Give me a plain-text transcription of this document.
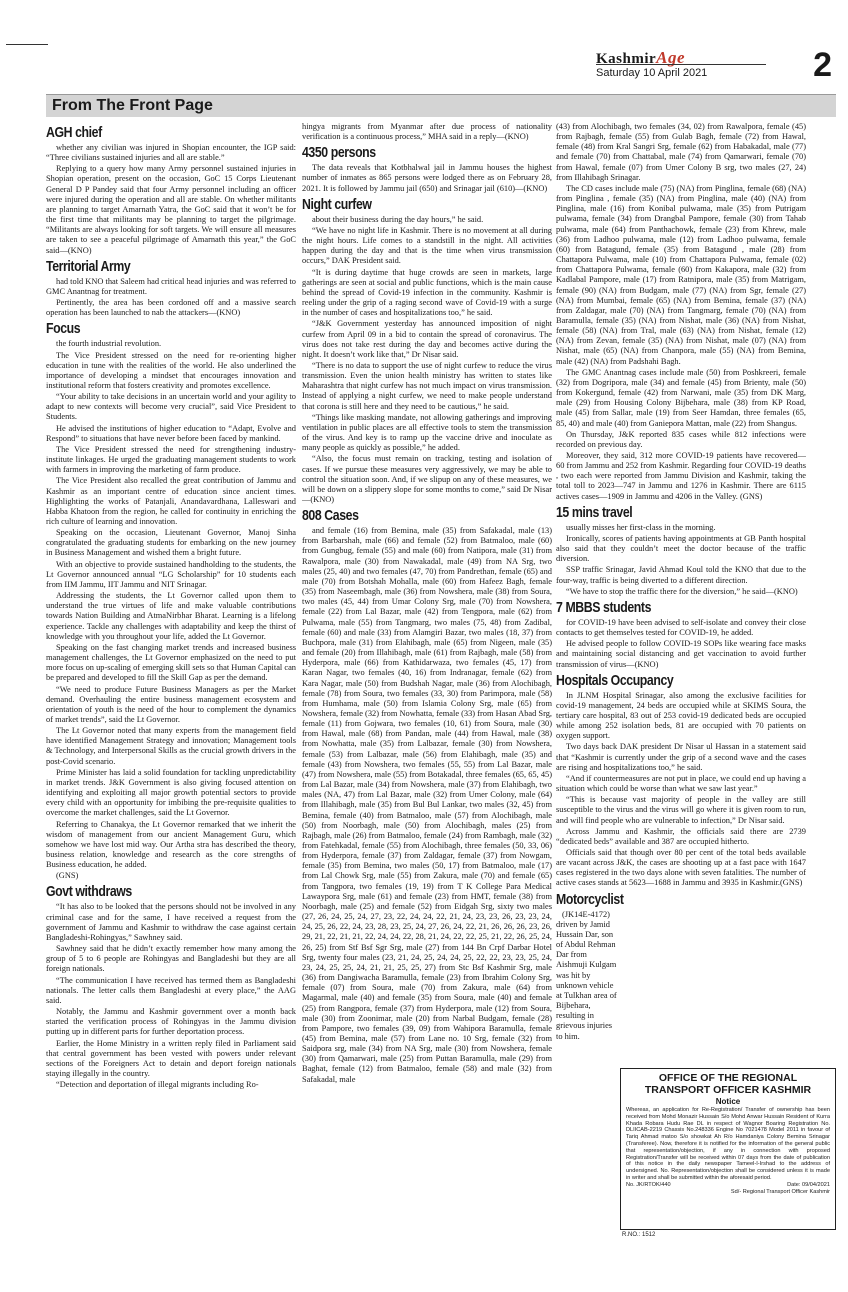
KashmirAge
Saturday 10 April 2021	2
From The Front Page
AGH chief

whether any civilian was injured in Shopian encounter, the IGP said: “Three civilians sustained injuries and all are stable.”

Replying to a query how many Army personnel sustained injuries in Shopian operation, present on the occasion, GoC 15 Corps Lieutenant General D P Pandey said that four Army personnel including an officer were injured during the operation and all are stable. On whether militants are planning to target Amarnath Yatra, the GoC said that it won’t be for the first time that militants may be planning to target the pilgrimage. “Militants are always looking for soft targets. We will ensure all measures are taken to see a peaceful pilgrimage of Amarnath this year,” the GoC said—(KNO)

Territorial Army

had told KNO that Saleem had critical head injuries and was referred to GMC Anantnag for treatment.

Pertinently, the area has been cordoned off and a massive search operation has been launched to nab the attackers—(KNO)

Focus

the fourth industrial revolution.

The Vice President stressed on the need for re-orienting higher education in tune with the realities of the world. He also underlined the importance of developing a mindset that encourages innovation and institutional reform that fosters creativity and promotes excellence.

“Your ability to take decisions in an uncertain world and your agility to adapt to new contexts will become very crucial”, said Vice President to Students.

He advised the institutions of higher education to “Adapt, Evolve and Respond” to situations that have never before been faced by mankind.

The Vice President stressed the need for strengthening industry-institute linkages. He urged the graduating management students to work with farmers in improving the marketing of farm produce.

The Vice President also recalled the great contribution of Jammu and Kashmir as an important centre of education since ancient times. Highlighting the works of Patanjali, Anandavardhana, Lalleswari and Habba Khatoon from the region, he called for continuity in enriching the rich culture of learning and innovation.

Speaking on the occasion, Lieutenant Governor, Manoj Sinha congratulated the graduating students for embarking on the new journey in Business Management and wished them a bright future.

With an objective to provide sustained handholding to the students, the Lt Governor announced annual “LG Scholarship” for 10 students each from IIM Jammu, IIT Jammu and NIT Srinagar.

Addressing the students, the Lt Governor called upon them to understand the true virtues of life and make valuable contributions towards Nation Building and AtmaNirbhar Bharat. Learning is a lifelong experience. Tackle any challenges with adaptability and keep the thirst of knowledge with you throughout your life, added the Lt Governor.

Speaking on the fast changing market trends and increased business management challenges, the Lt Governor emphasized on the need to put more focus on up-scaling of emerging skill sets so that Human Capital can be prepared and developed to fill the Skill Gap as per the demand.

“We need to produce Future Business Managers as per the Market demand. Overhauling the entire business management ecosystem and orientation of youth is the need of the hour to complement the dynamics of market trends”, said the Lt Governor.

The Lt Governor noted that many experts from the management field have identified Management Strategy and innovation; Management tools & Technology, and Interpersonal Skills as the crucial growth drivers in the post-Covid scenario.

Prime Minister has laid a solid foundation for tackling unpredictability in market trends. J&K Government is also giving focused attention on identifying and exploiting all major growth potential sectors to provide every child with an opportunity for imbibing the pre-requisite qualities to overcome the market challenges, said the Lt Governor.

Referring to Chanakya, the Lt Governor remarked that we inherit the wisdom of management from our ancient Management Guru, which somehow we have lost mid way. Our Artha stra has described the theory, business relation, knowledge and research as the core strengths of Business education, he added.

(GNS)

Govt withdraws

“It has also to be looked that the persons should not be involved in any criminal case and for the same, I have received a request from the government of Jammu and Kashmir to withdraw the case against certain Bangladeshi-Rohingyas,” Sawhney said.

Sawhney said that he didn’t exactly remember how many among the group of 5 to 6 people are Rohingyas and Bangladeshi but they are all foreign nationals.

“The communication I have received has termed them as Bangladeshi nationals. The letter calls them Bangladeshi at every place,” the AAG said.

Notably, the Jammu and Kashmir government over a month back started the verification process of Rohingyas in the Jammu division putting up in different parts for further deportation process.

Earlier, the Home Ministry in a written reply filed in Parliament said that central government has been vested with powers under relevant sections of the Foreigners Act to detain and deport foreign nationals staying illegally in the country.

“Detection and deportation of illegal migrants including Ro-

hingya migrants from Myanmar after due process of nationality verification is a continuous process,” MHA said in a reply—(KNO)

4350 persons

The data reveals that Kotbhalwal jail in Jammu houses the highest number of inmates as 865 persons were lodged there as on February 28, 2021. It is followed by Jammu jail (650) and Srinagar jail (610)—(KNO)

Night curfew

about their business during the day hours,” he said.

“We have no night life in Kashmir. There is no movement at all during the night hours. Life comes to a standstill in the night. All activities happen during the day and that is the time when virus transmission occurs,” DAK President said.

“It is during daytime that huge crowds are seen in markets, large gatherings are seen at social and public functions, which is the main cause behind the spread of Covid-19 infection in the community. Kashmir is reeling under the grip of a raging second wave of Covid-19 with a surge in the number of cases and hospitalizations too,” he said.

“J&K Government yesterday has announced imposition of night curfew from April 09 in a bid to contain the spread of coronavirus. The virus does not take rest during the day and becomes active during the night. It doesn’t work like that,” Dr Nisar said.

“There is no data to support the use of night curfew to reduce the virus transmission. Even the union health ministry has written to states like Maharashtra that night curfew has not much impact on virus transmission. Instead of applying a night curfew, we need to make people understand that corona is still here and they need to be cautious,” he said.

“Things like masking mandate, not allowing gatherings and improving ventilation in public places are all effective tools to stem the transmission of the virus. And key is to ramp up the vaccine drive and inoculate as many people as quickly as possible,” he added.

“Also, the focus must remain on tracking, testing and isolation of cases. If we pursue these measures very aggressively, we may be able to control the situation soon. And, if we slipup on any of these measures, we will be down on a slippery slope for some months to come,” said Dr Nisar—(KNO)

808 Cases

and female (16) from Bemina, male (35) from Safakadal, male (13) from Barbarshah, male (66) and female (52) from Batmaloo, male (60) from Gungbug, female (55) and male (60) from Natipora, male (31) from Rawalpora, male (30) from Nawakadal, male (49) from NA Srg, two males (25, 40) and two females (47, 70) from Pandrethan, female (65) and male (70) from Botshah Mohalla, male (60) from Hafeez Bagh, female (35) from Naseembagh, male (36) from Nowshera, male (38) from Soura, two males (45, 44) from Umar Colony Srg, male (70) from Nowshera, female (22) from Lal Bazar, male (42) from Tengpora, male (62) from Pulwama, male (55) from Tangmarg, two males (75, 48) from Zadibal, female (60) and male (33) from Alamgiri Bazar, two males (18, 37) from Buchpora, male (31) from Elahibagh, male (65) from Nigeen, male (35) and female (20) from Illahibagh, male (61) from Rajbagh, male (58) from Hyderpora, male (66) from Kathidarwaza, two females (45, 17) from Karan Nagar, two females (40, 16) from Indranagar, female (62) from Kara Nagar, male (50) from Budshah Nagar, male (36) from Alochibagh, female (78) from Soura, two females (33, 30) from Parimpora, male (58) from Humhama, male (50) from Islamia Colony Srg, male (65) from Nowshera, female (32) from Nowhatta, female (33) from Hasan Abad Srg, female (11) from Gojwara, two females (10, 61) from Soura, male (30) from Hawal, male (68) from Pandan, male (44) from Hawal, male (38) from Nowhatta, male (35) from Lalbazar, female (30) from Nowshera, female (53) from Lalbazar, male (56) from Elahibagh, male (35) and female (43) from Nowshera, two females (55, 55) from Lal Bazar, male (47) from Nowshera, male (55) from Botakadal, three females (65, 65, 45) from Lal Bazar, male (34) from Nowshera, male (37) from Elahibagh, two males (NA, 47) from Lal Bazar, male (32) from Umer Colony, male (64) from Illahibagh, male (35) from Bul Bul Lankar, two males (32, 45) from Bemina, female (40) from Batmaloo, male (57) from Alochibagh, male (50) from Noorbagh, male (50) from Alochibagh, males (25) from Rajbagh, male (26) from Batmaloo, female (24) from Rambagh, male (32) from Fatehkadal, female (55) from Alochibagh, three females (50, 33, 06) from Hyderpora, female (37) from Zaldagar, female (37) from Nowgam, female (35) from Bemina, two males (50, 17) from Batmaloo, male (17) from Lal Chowk Srg, male (55) from Zakura, male (70) and female (65) from Tangpora, two females (19, 19) from T K College Para Medical Lawaypora Srg, male (61) and female (23) from HMT, female (38) from Noorbagh, male (25) and female (52) from Eidgah Srg, sixty two males (27, 26, 24, 25, 24, 27, 23, 22, 24, 24, 22, 21, 24, 23, 23, 26, 23, 23, 24, 24, 25, 26, 22, 24, 23, 28, 23, 25, 24, 27, 26, 24, 22, 21, 26, 26, 26, 23, 26, 29, 21, 22, 21, 21, 22, 24, 24, 22, 28, 21, 24, 22, 22, 25, 21, 22, 26, 25, 24, 26, 25) from Stf Bsf Sgr Srg, male (27) from 144 Bn Crpf Darbar Hotel Srg, twenty four males (23, 21, 24, 25, 24, 24, 25, 22, 22, 23, 23, 25, 24, 23, 24, 25, 25, 24, 21, 21, 25, 25, 27) from Stc Bsf Kashmir Srg, male (36) from Dangiwacha Baramulla, female (23) from Ibrahim Colony Srg, female (07) from Soura, male (70) from Zakura, male (64) from Magarmal, male (40) and female (35) from Soura, male (40) and female (25) from Rangpora, female (37) from Hyderpora, male (12) from Soura, male (30) from Zoonimar, male (20) from Narbal Budgam, female (28) from Pampore, two females (39, 09) from Wahipora Baramulla, female (45) from Bemina, male (57) from Lane no. 10 Srg, female (32) from Saidpora srg, male (34) from NA Srg, male (30) from Nowshera, female (30) from Qamarwari, male (25) from Puttan Baramulla, male (29) from Baghat, female (12) from Batmaloo, female (58) and male (32) from Safakadal, male

(43) from Alochibagh, two females (34, 02) from Rawalpora, female (45) from Rajbagh, female (55) from Gulab Bagh, female (72) from Hawal, female (48) from Kral Sangri Srg, female (62) from Habakadal, male (77) and female (70) from Chattabal, male (74) from Qamarwari, female (70) from Hawal, female (07) from Umer Colony B srg, two males (27, 24) from Illahibagh Srinagar.

The CD cases include male (75) (NA) from Pinglina, female (68) (NA) from Pinglina , female (35) (NA) from Pinglina, male (40) (NA) from Pinglina, male (16) from Konibal pulwama, male (35) from Putrigam pulwama, female (34) from Drangbal Pampore, female (30) from Tahab pulwama, male (64) from Panthachowk, female (23) from Khrew, male (36) from Ladhoo pulwama, male (12) from Ladhoo pulwama, female (60) from Batagund, female (35) from Batagund , male (28) from Chattapora Pulwama, male (10) from Chattapora Pulwama, female (02) from Chattapora Pulwama, female (60) from Kakapora, male (32) from Kadlabal Pampore, male (17) from Ratnipora, male (35) from Matrigam, female (90) (NA) from Budgam, male (77) (NA) from Sgr, female (27) (NA) from Mumbai, female (65) (NA) from Bemina, female (37) (NA) from Zaldagar, male (70) (NA) from Tangmarg, female (70) (NA) from Baramulla, female (35) (NA) from Nishat, male (36) (NA) from Nishat, female (58) (NA) from Tral, male (63) (NA) from Nishat, female (12) (NA) from Zevan, female (35) (NA) from Nishat, male (07) (NA) from Nishat, male (65) (NA) from Chanpora, male (55) (NA) from Bemina, male (42) (NA) from Padshahi Bagh.

The GMC Anantnag cases include male (50) from Poshkreeri, female (32) from Dogripora, male (34) and female (45) from Brienty, male (50) from Kokergund, female (42) from Narwani, male (35) from DK Marg, male (29) from Housing Colony Bijbehara, male (38) from KP Road, male (45) from Sallar, male (19) from Seer Hamdan, three females (65, 85, 40) and male (40) from Ganiepora Mattan, male (22) from Shangus.

On Thursday, J&K reported 835 cases while 812 infections were recorded on previous day.

Moreover, they said, 312 more COVID-19 patients have recovered—60 from Jammu and 252 from Kashmir. Regarding four COVID-19 deaths , two each were reported from Jammu Division and Kashmir, taking the total toll to 2023—747 in Jammu and 1276 in Kashmir. There are 6115 actives cases—1909 in Jammu and 4206 in the Valley. (GNS)

15 mins travel

usually misses her first-class in the morning.

Ironically, scores of patients having appointments at GB Panth hospital also said that they couldn’t meet the doctor because of the traffic diversion.

SSP traffic Srinagar, Javid Ahmad Koul told the KNO that due to the four-way, traffic is being diverted to a different direction.

“We have to stop the traffic there for the diversion,” he said—(KNO)

7 MBBS students

for COVID-19 have been advised to self-isolate and convey their close contacts to get themselves tested for COVID-19, he added.

He advised people to follow COVID-19 SOPs like wearing face masks and maintaining social distancing and get vaccination to avoid further transmission of virus—(KNO)

Hospitals Occupancy

In JLNM Hospital Srinagar, also among the exclusive facilities for covid-19 management, 24 beds are occupied while at SKIMS Soura, the tertiary care hospital, 83 out of 253 covid-19 dedicated beds are occupied while among 252 isolation beds, 81 are occupied with 70 patients on oxygen support.

Two days back DAK president Dr Nisar ul Hassan in a statement said that “Kashmir is currently under the grip of a second wave and the cases are rising and hospitalizations too,” he said.

“And if countermeasures are not put in place, we could end up having a situation which could be worse than what we saw last year.”

“This is because vast majority of people in the valley are still susceptible to the virus and the virus will go where it is given room to run, and will find people who are vulnerable to infection,” Dr Nisar said.

Across Jammu and Kashmir, the officials said there are 2739 “dedicated beds” available and 387 are occupied hitherto.

Officials said that though over 80 per cent of the total beds available are vacant across J&K, the cases are shooting up at a fast pace with 1647 cases registered in the two days alone with seven fatalities. The number of active cases stands at 5623—1688 in Jammu and 3935 in Kashmir.(GNS)

Motorcyclist

(JK14E-4172) driven by Jamid Hussain Dar, son of Abdul Rehman Dar from Aishmuji Kulgam was hit by unknown vehicle at Tulkhan area of Bijbehara, resulting in grievous injuries to him.

OFFICE OF THE REGIONAL
TRANSPORT OFFICER KASHMIR
Notice
Whereas, an application for Re-Registration/ Transfer of ownership has been received from Mohd Monazir Hussain S/o Mohd Anwar Hussain Resident of Kurra Khada Robara Hudu Rae DL in respect of Wagnor Boaring Registration No. DLIICAB-2219 Chassis No.248336 Engine No 7021478 Model 2011 in favour of Tariq Ahmad matoo S/o showkat Ah R/o Hamdaniya Colony Bemina Srinagar (Transferee). Now, therefore it is notified for the information of the general public that representation/objection, if any in connection with proposed Registration/Transfer will be received within 07 days from the date of publication of this notice in the daily newspaper Tameel-I-Irshad to the address of undersigned. No. Representation/objection shall be considered unless it is made in writer and shall be submitted within the aforesaid period.
No. JK/RTOK/440	Date: 09/04/2021
Sd/- Regional Transport Officer Kashmir
R.NO.: 1512
